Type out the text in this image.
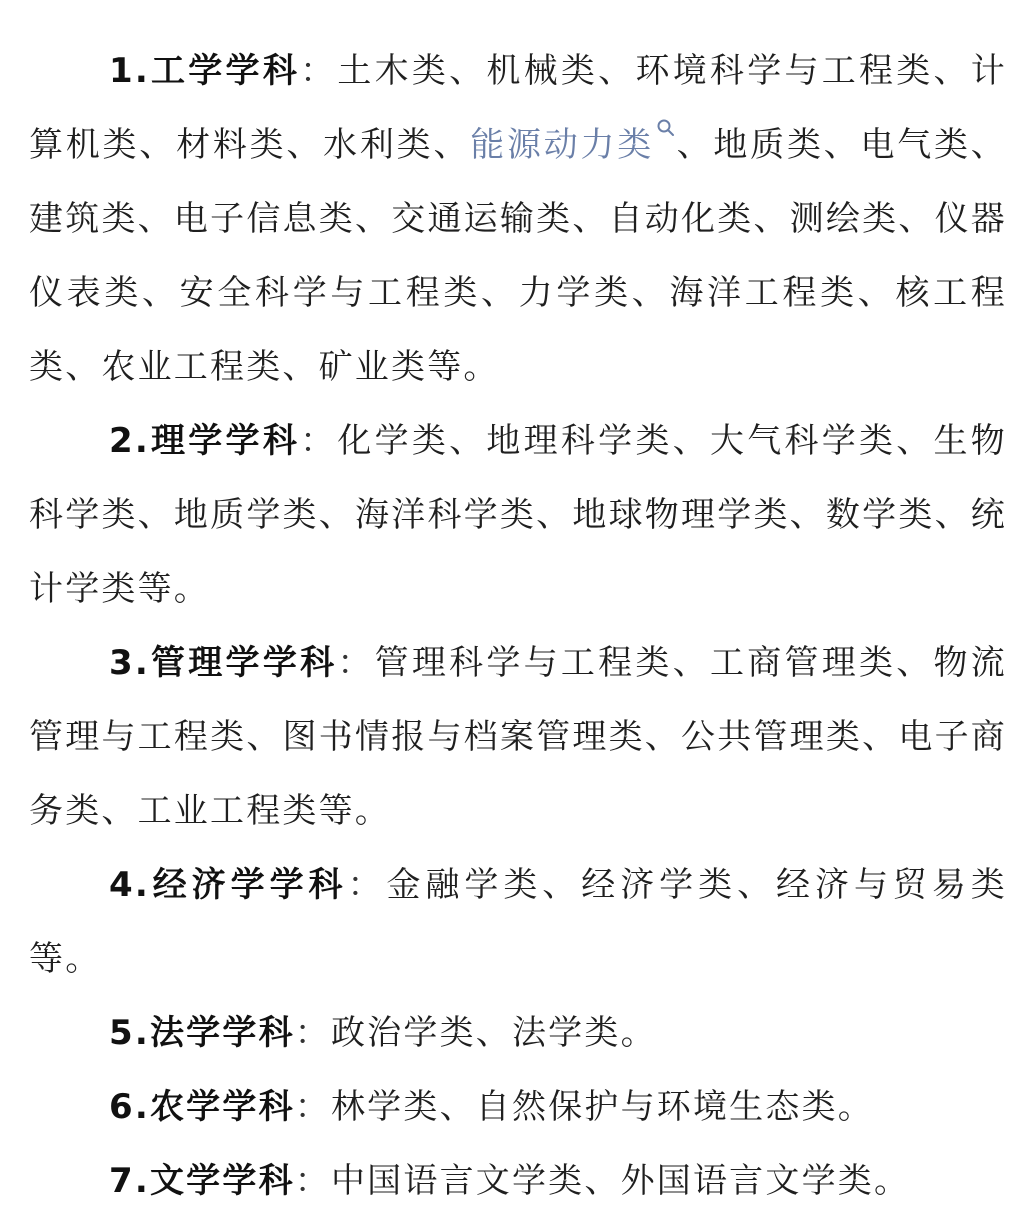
1.工学学科：土木类、机械类、环境科学与工程类、计算机类、材料类、水利类、能源动力类 、地质类、电气类、建筑类、电子信息类、交通运输类、自动化类、测绘类、仪器仪表类、安全科学与工程类、力学类、海洋工程类、核工程类、农业工程类、矿业类等。

2.理学学科：化学类、地理科学类、大气科学类、生物科学类、地质学类、海洋科学类、地球物理学类、数学类、统计学类等。

3.管理学学科：管理科学与工程类、工商管理类、物流管理与工程类、图书情报与档案管理类、公共管理类、电子商务类、工业工程类等。

4.经济学学科：金融学类、经济学类、经济与贸易类等。

5.法学学科：政治学类、法学类。

6.农学学科：林学类、自然保护与环境生态类。

7.文学学科：中国语言文学类、外国语言文学类。
